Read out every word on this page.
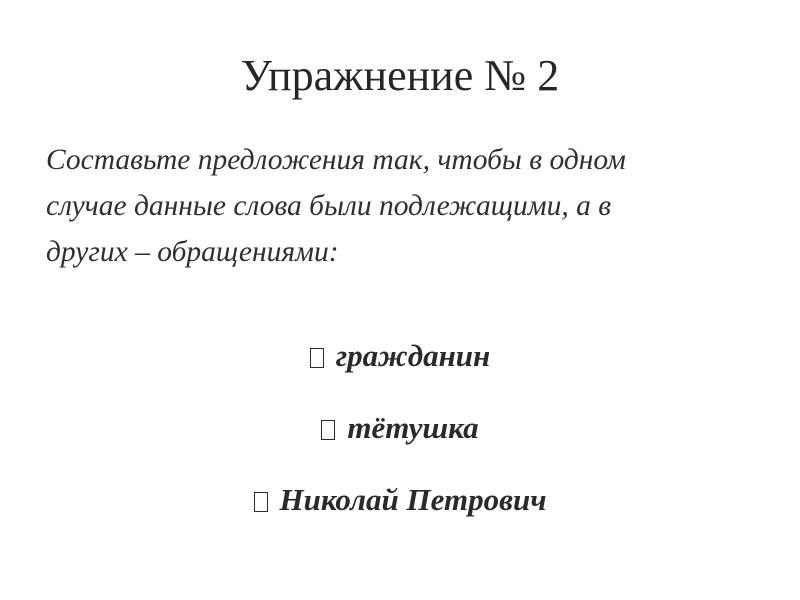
Упражнение № 2
Составьте предложения так, чтобы в одном
случае данные слова были подлежащими, а в
других – обращениями:
гражданин
тётушка
Николай Петрович
